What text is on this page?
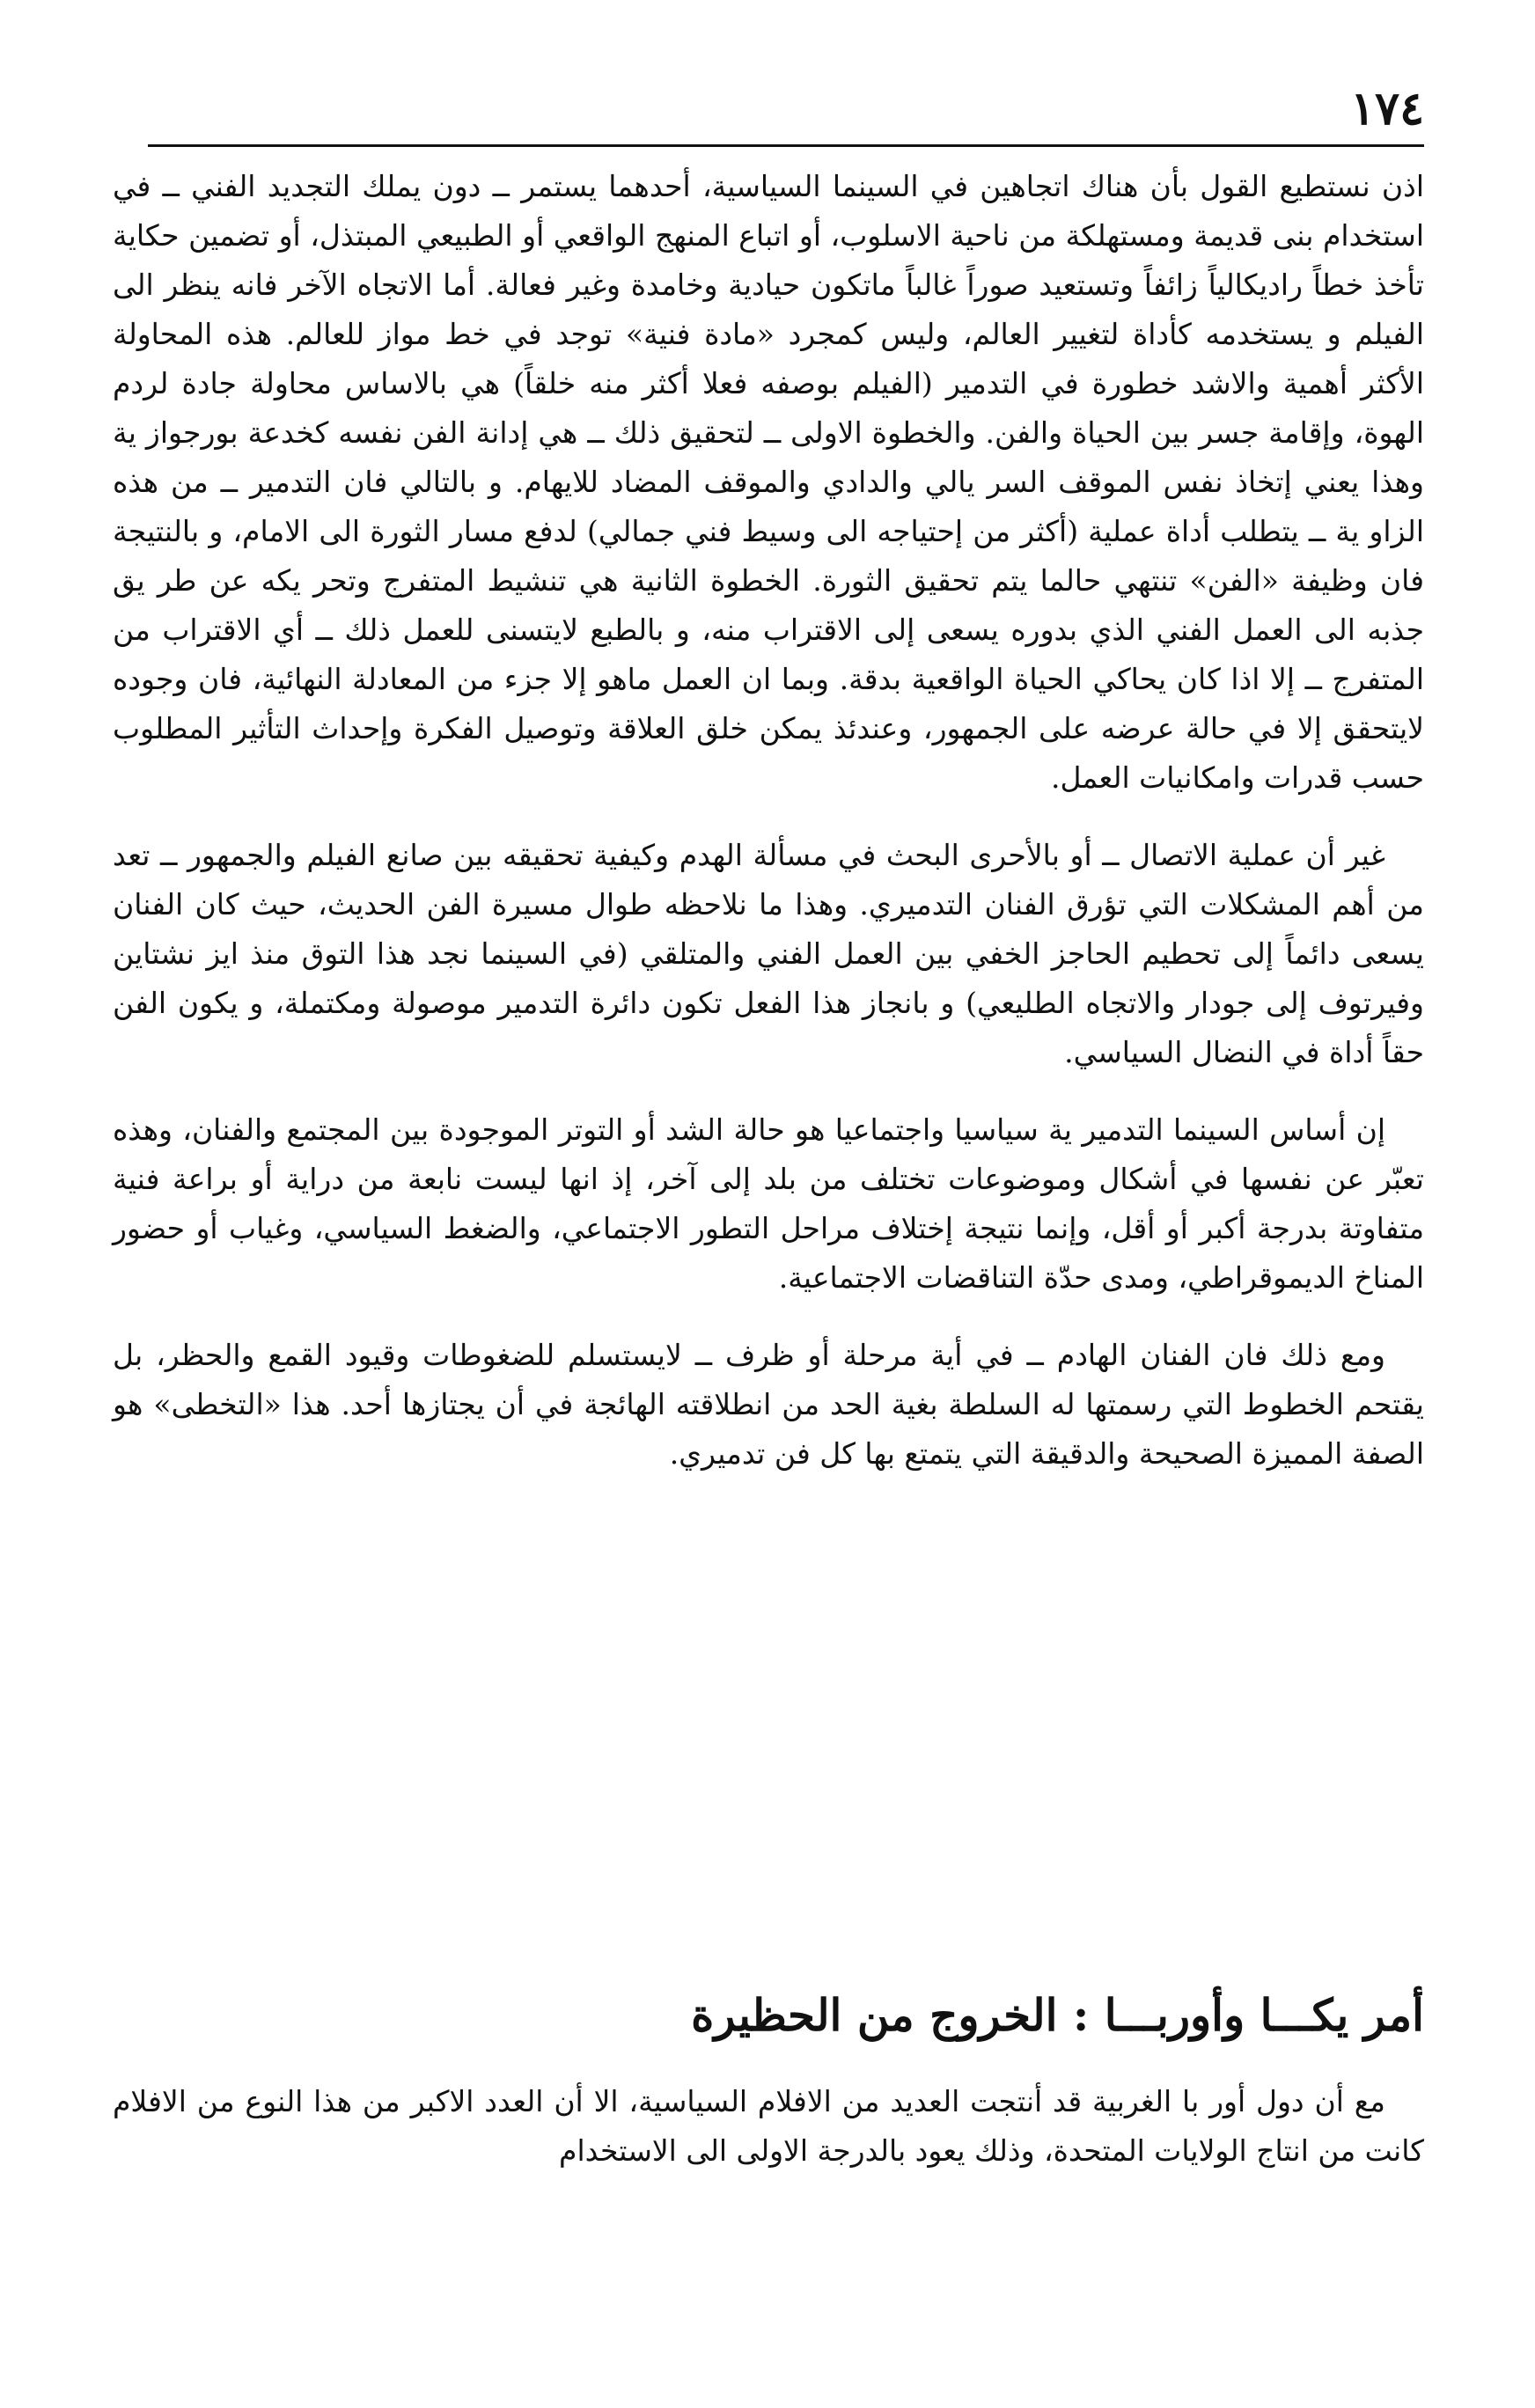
١٧٤

اذن نستطيع القول بأن هناك اتجاهين في السينما السياسية، أحدهما يستمر ــ دون يملك التجديد الفني ــ في استخدام بنى قديمة ومستهلكة من ناحية الاسلوب، أو اتباع المنهج الواقعي أو الطبيعي المبتذل، أو تضمين حكاية تأخذ خطاً راديكالياً زائفاً وتستعيد صوراً غالباً ماتكون حيادية وخامدة وغير فعالة. أما الاتجاه الآخر فانه ينظر الى الفيلم و يستخدمه كأداة لتغيير العالم، وليس كمجرد «مادة فنية» توجد في خط مواز للعالم. هذه المحاولة الأكثر أهمية والاشد خطورة في التدمير (الفيلم بوصفه فعلا أكثر منه خلقاً) هي بالاساس محاولة جادة لردم الهوة، وإقامة جسر بين الحياة والفن. والخطوة الاولى ــ لتحقيق ذلك ــ هي إدانة الفن نفسه كخدعة بورجواز ية وهذا يعني إتخاذ نفس الموقف السر يالي والدادي والموقف المضاد للايهام. و بالتالي فان التدمير ــ من هذه الزاو ية ــ يتطلب أداة عملية (أكثر من إحتياجه الى وسيط فني جمالي) لدفع مسار الثورة الى الامام، و بالنتيجة فان وظيفة «الفن» تنتهي حالما يتم تحقيق الثورة. الخطوة الثانية هي تنشيط المتفرج وتحر يكه عن طر يق جذبه الى العمل الفني الذي بدوره يسعى إلى الاقتراب منه، و بالطبع لايتسنى للعمل ذلك ــ أي الاقتراب من المتفرج ــ إلا اذا كان يحاكي الحياة الواقعية بدقة. وبما ان العمل ماهو إلا جزء من المعادلة النهائية، فان وجوده لايتحقق إلا في حالة عرضه على الجمهور، وعندئذ يمكن خلق العلاقة وتوصيل الفكرة وإحداث التأثير المطلوب حسب قدرات وامكانيات العمل.

غير أن عملية الاتصال ــ أو بالأحرى البحث في مسألة الهدم وكيفية تحقيقه بين صانع الفيلم والجمهور ــ تعد من أهم المشكلات التي تؤرق الفنان التدميري. وهذا ما نلاحظه طوال مسيرة الفن الحديث، حيث كان الفنان يسعى دائماً إلى تحطيم الحاجز الخفي بين العمل الفني والمتلقي (في السينما نجد هذا التوق منذ ايز نشتاين وفيرتوف إلى جودار والاتجاه الطليعي) و بانجاز هذا الفعل تكون دائرة التدمير موصولة ومكتملة، و يكون الفن حقاً أداة في النضال السياسي.

إن أساس السينما التدمير ية سياسيا واجتماعيا هو حالة الشد أو التوتر الموجودة بين المجتمع والفنان، وهذه تعبّر عن نفسها في أشكال وموضوعات تختلف من بلد إلى آخر، إذ انها ليست نابعة من دراية أو براعة فنية متفاوتة بدرجة أكبر أو أقل، وإنما نتيجة إختلاف مراحل التطور الاجتماعي، والضغط السياسي، وغياب أو حضور المناخ الديموقراطي، ومدى حدّة التناقضات الاجتماعية.

ومع ذلك فان الفنان الهادم ــ في أية مرحلة أو ظرف ــ لايستسلم للضغوطات وقيود القمع والحظر، بل يقتحم الخطوط التي رسمتها له السلطة بغية الحد من انطلاقته الهائجة في أن يجتازها أحد. هذا «التخطى» هو الصفة المميزة الصحيحة والدقيقة التي يتمتع بها كل فن تدميري.

أمر يكـــا وأوربـــا : الخروج من الحظيرة

مع أن دول أور با الغربية قد أنتجت العديد من الافلام السياسية، الا أن العدد الاكبر من هذا النوع من الافلام كانت من انتاج الولايات المتحدة، وذلك يعود بالدرجة الاولى الى الاستخدام
